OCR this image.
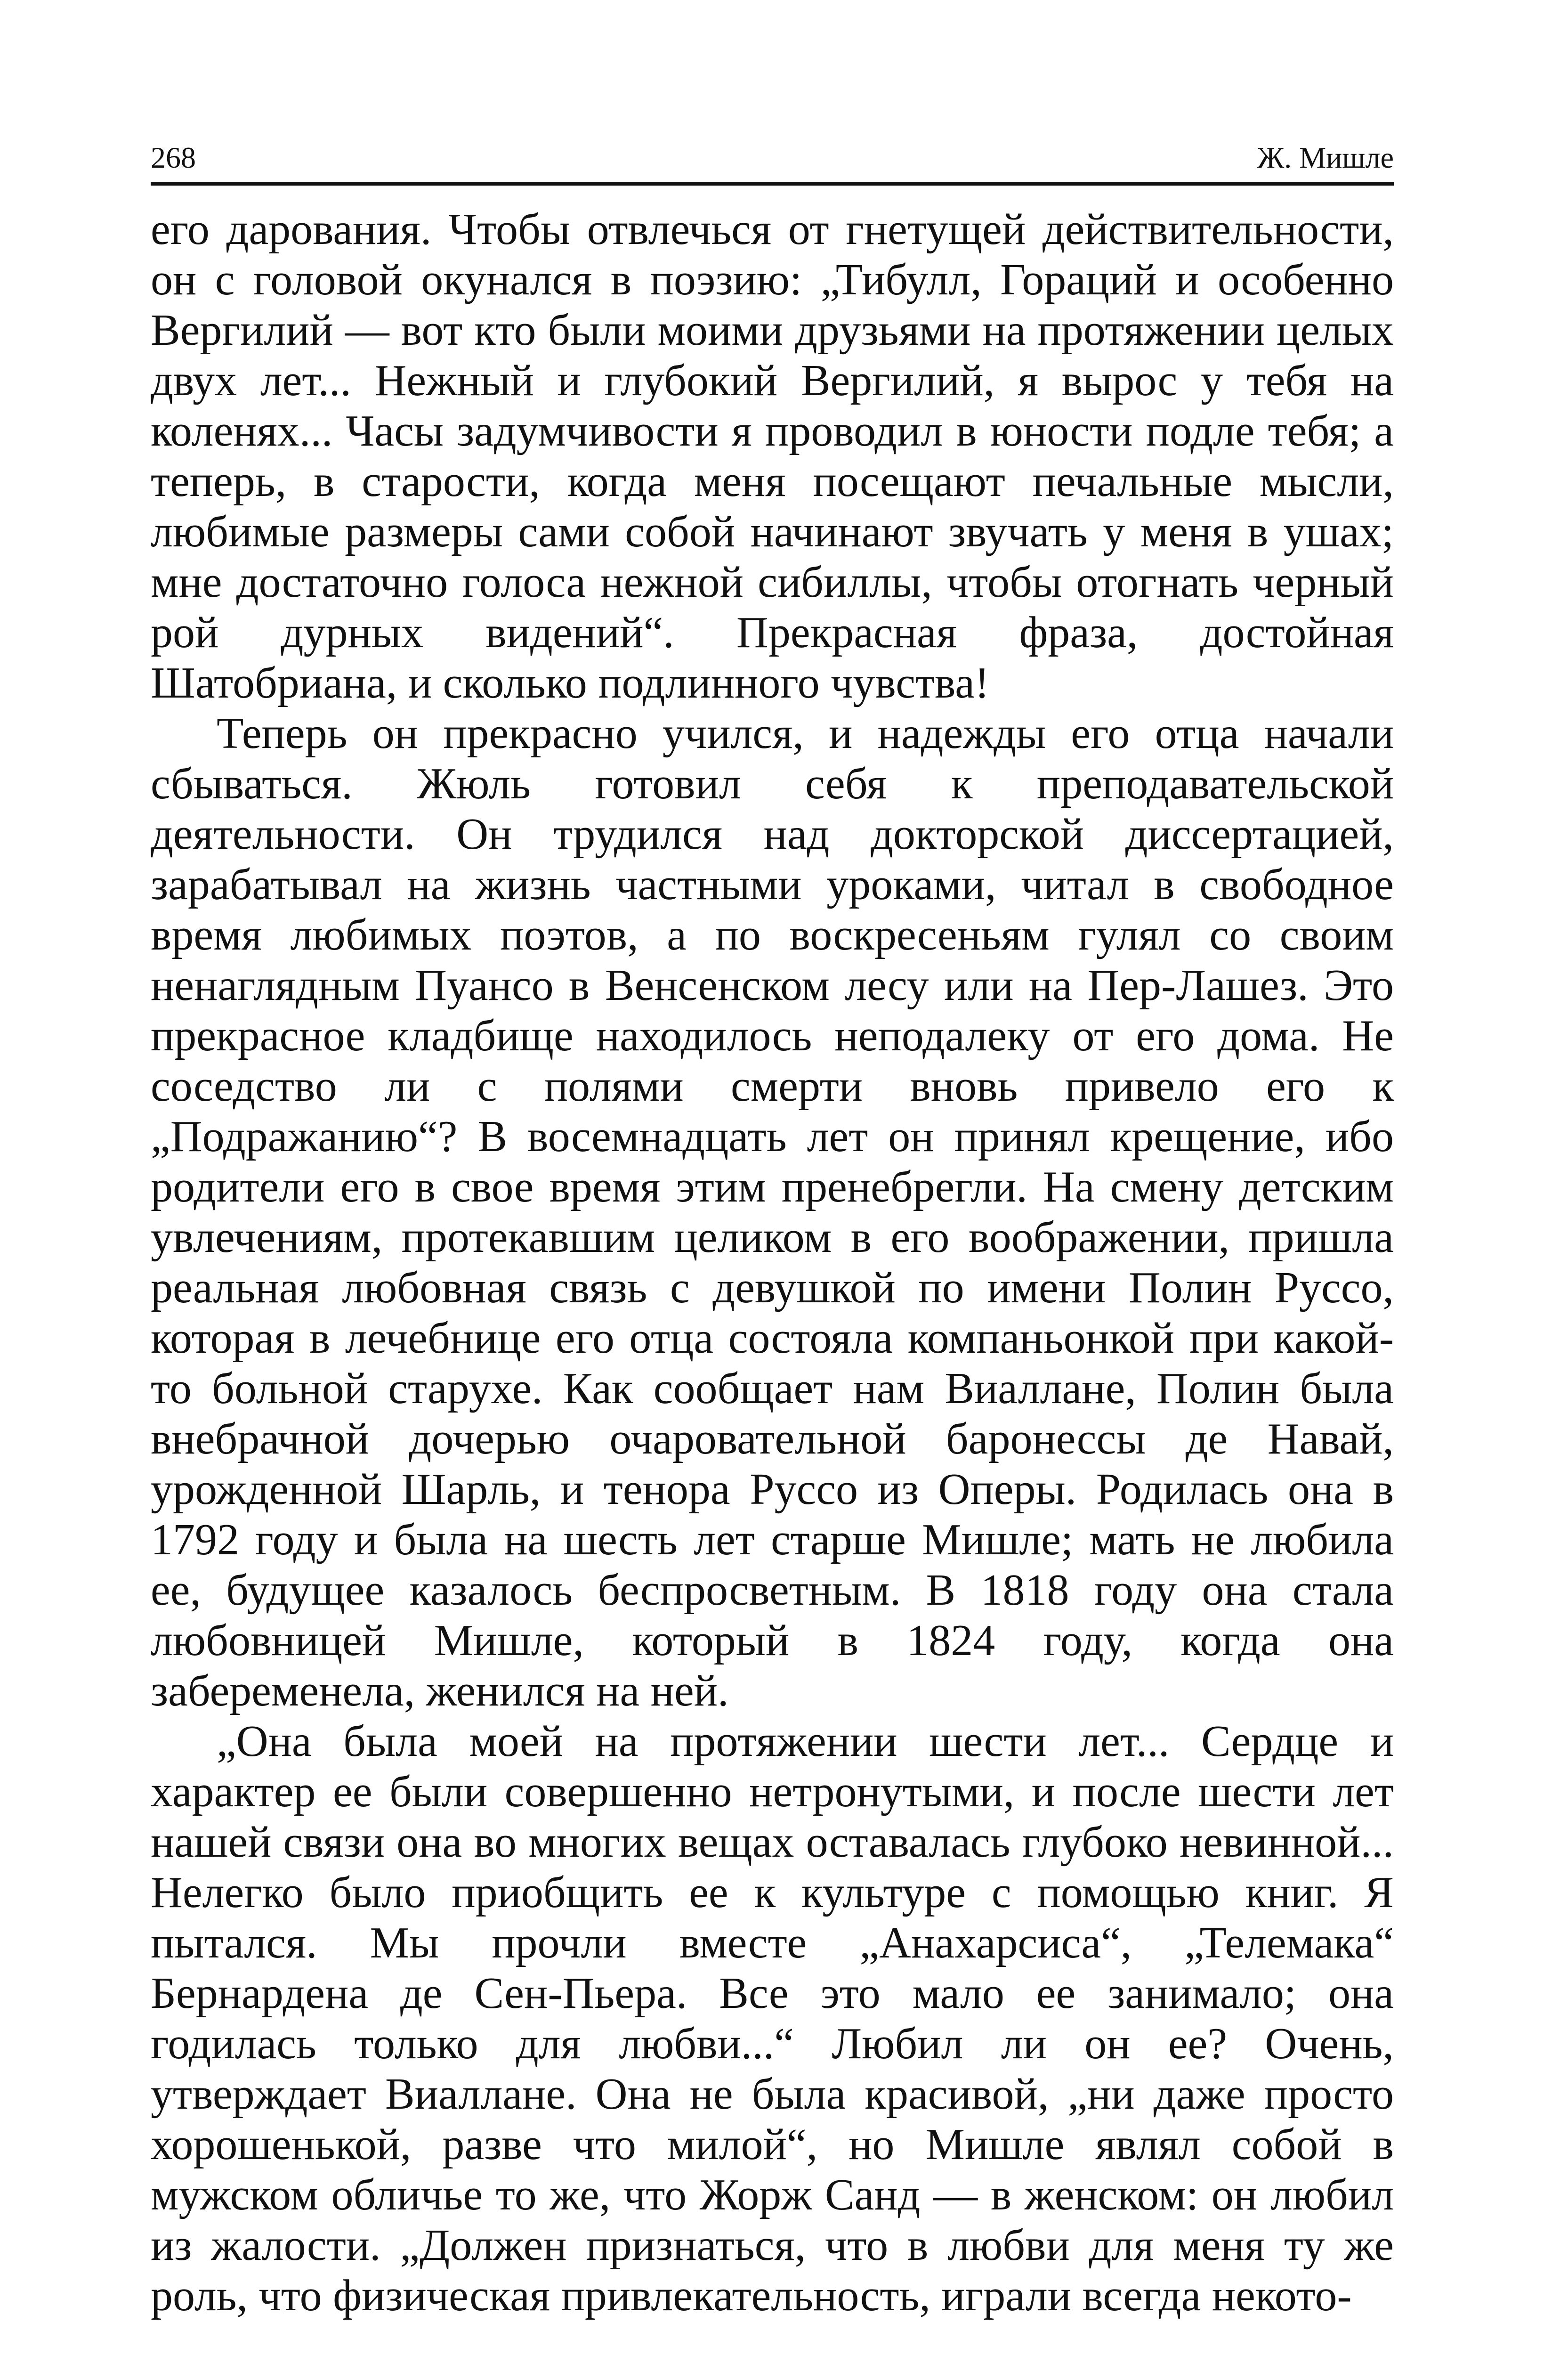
268	Ж. Мишле

его дарования. Чтобы отвлечься от гнетущей действительности, он с головой окунался в поэзию: „Тибулл, Гораций и особенно Вергилий — вот кто были моими друзьями на протяжении целых двух лет... Нежный и глубокий Вергилий, я вырос у тебя на коленях... Часы задумчивости я проводил в юности подле тебя; а теперь, в старости, когда меня посещают печальные мысли, любимые размеры сами собой начинают звучать у меня в ушах; мне достаточно голоса нежной сибиллы, чтобы отогнать черный рой дурных видений“. Прекрасная фраза, достойная Шатобриана, и сколько подлинного чувства!

Теперь он прекрасно учился, и надежды его отца начали сбываться. Жюль готовил себя к преподавательской деятельности. Он трудился над докторской диссертацией, зарабатывал на жизнь частными уроками, читал в свободное время любимых поэтов, а по воскресеньям гулял со своим ненаглядным Пуансо в Венсенском лесу или на Пер-Лашез. Это прекрасное кладбище находилось неподалеку от его дома. Не соседство ли с полями смерти вновь привело его к „Подражанию“? В восемнадцать лет он принял крещение, ибо родители его в свое время этим пренебрегли. На смену детским увлечениям, протекавшим целиком в его воображении, пришла реальная любовная связь с девушкой по имени Полин Руссо, которая в лечебнице его отца состояла компаньонкой при какой-то больной старухе. Как сообщает нам Виаллане, Полин была внебрачной дочерью очаровательной баронессы де Навай, урожденной Шарль, и тенора Руссо из Оперы. Родилась она в 1792 году и была на шесть лет старше Мишле; мать не любила ее, будущее казалось беспросветным. В 1818 году она стала любовницей Мишле, который в 1824 году, когда она забеременела, женился на ней.

„Она была моей на протяжении шести лет... Сердце и характер ее были совершенно нетронутыми, и после шести лет нашей связи она во многих вещах оставалась глубоко невинной... Нелегко было приобщить ее к культуре с помощью книг. Я пытался. Мы прочли вместе „Анахарсиса“, „Телемака“ Бернардена де Сен-Пьера. Все это мало ее занимало; она годилась только для любви...“ Любил ли он ее? Очень, утверждает Виаллане. Она не была красивой, „ни даже просто хорошенькой, разве что милой“, но Мишле являл собой в мужском обличье то же, что Жорж Санд — в женском: он любил из жалости. „Должен признаться, что в любви для меня ту же роль, что физическая привлекательность, играли всегда некото-
